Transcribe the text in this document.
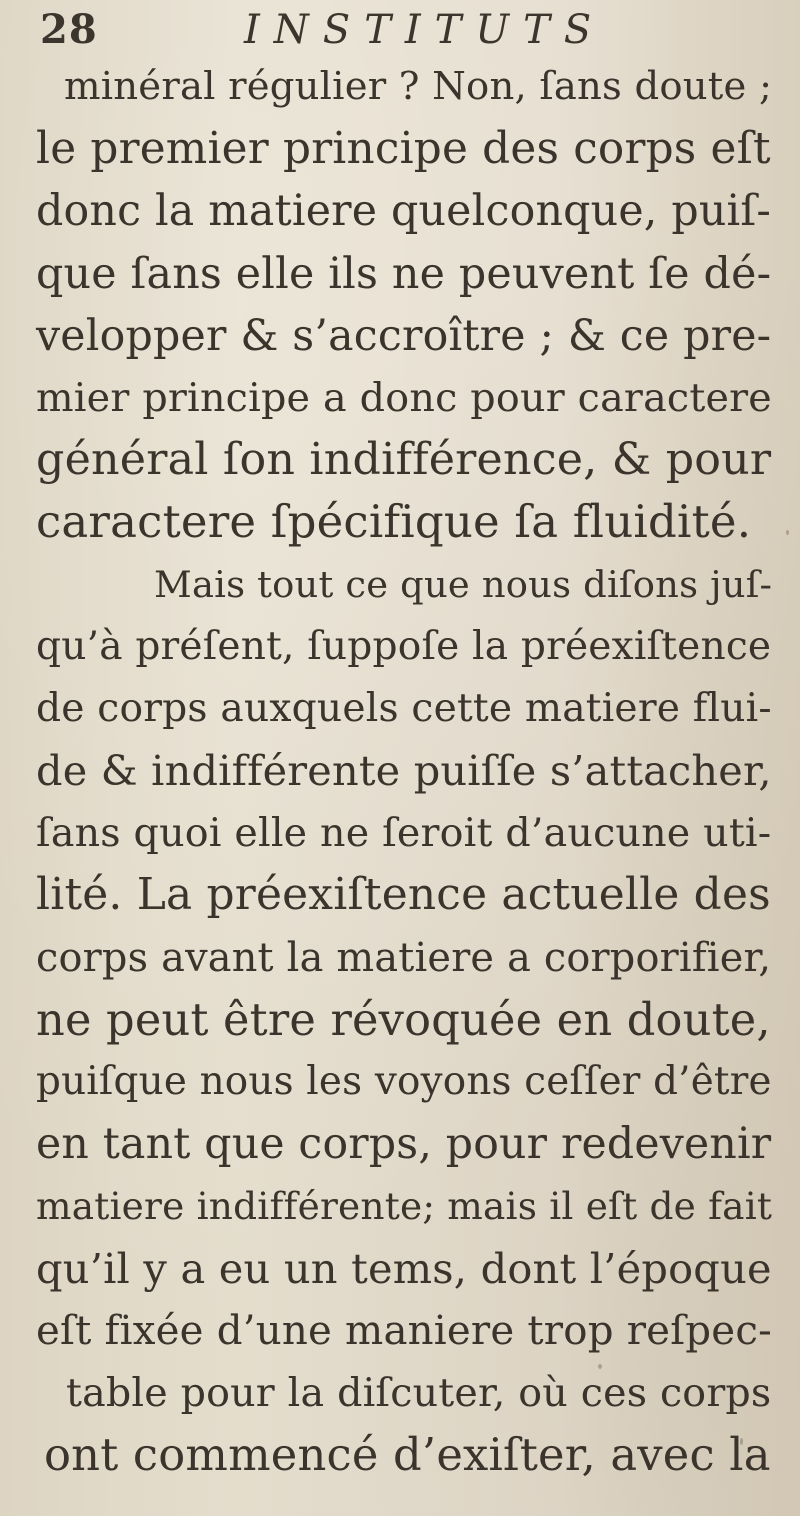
28	INSTITUTS
minéral régulier ? Non, ſans doute ;
le premier principe des corps eſt
donc la matiere quelconque, puiſ-
que ſans elle ils ne peuvent ſe dé-
velopper & s’accroître ; & ce pre-
mier principe a donc pour caractere
général ſon indifférence, & pour
caractere ſpécifique ſa fluidité.
Mais tout ce que nous diſons juſ-
qu’à préſent, ſuppoſe la préexiſtence
de corps auxquels cette matiere flui-
de & indifférente puiſſe s’attacher,
ſans quoi elle ne ſeroit d’aucune uti-
lité. La préexiſtence actuelle des
corps avant la matiere a corporifier,
ne peut être révoquée en doute,
puiſque nous les voyons ceſſer d’être
en tant que corps, pour redevenir
matiere indifférente; mais il eſt de fait
qu’il y a eu un tems, dont l’époque
eſt fixée d’une maniere trop reſpec-
table pour la diſcuter, où ces corps
ont commencé d’exiſter, avec la
